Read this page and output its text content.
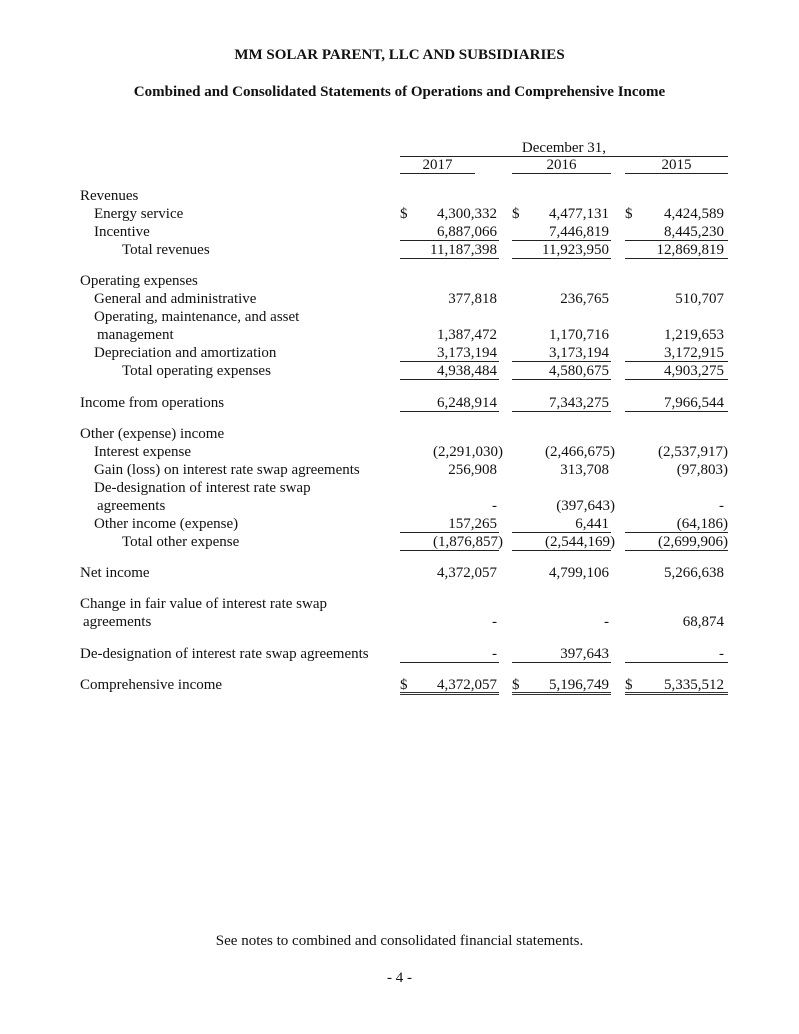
MM SOLAR PARENT, LLC AND SUBSIDIARIES
Combined and Consolidated Statements of Operations and Comprehensive Income
December 31,
2017	2016	2015
Revenues
Energy service	$ 4,300,332 $ 4,477,131 $ 4,424,589
Incentive	6,887,066	7,446,819	8,445,230
Total revenues	11,187,398	11,923,950	12,869,819
Operating expenses
General and administrative	377,818	236,765	510,707
Operating, maintenance, and asset
management	1,387,472	1,170,716	1,219,653
Depreciation and amortization	3,173,194	3,173,194	3,172,915
Total operating expenses	4,938,484	4,580,675	4,903,275
Income from operations	6,248,914	7,343,275	7,966,544
Other (expense) income
Interest expense	(2,291,030)	(2,466,675)	(2,537,917)
Gain (loss) on interest rate swap agreements	256,908	313,708	(97,803)
De-designation of interest rate swap
agreements	-	(397,643)	-
Other income (expense)	157,265	6,441	(64,186)
Total other expense	(1,876,857)	(2,544,169)	(2,699,906)
Net income	4,372,057	4,799,106	5,266,638
Change in fair value of interest rate swap
agreements	-	-	68,874
De-designation of interest rate swap agreements	-	397,643	-
Comprehensive income	$ 4,372,057 $ 5,196,749 $ 5,335,512
See notes to combined and consolidated financial statements.
- 4 -
